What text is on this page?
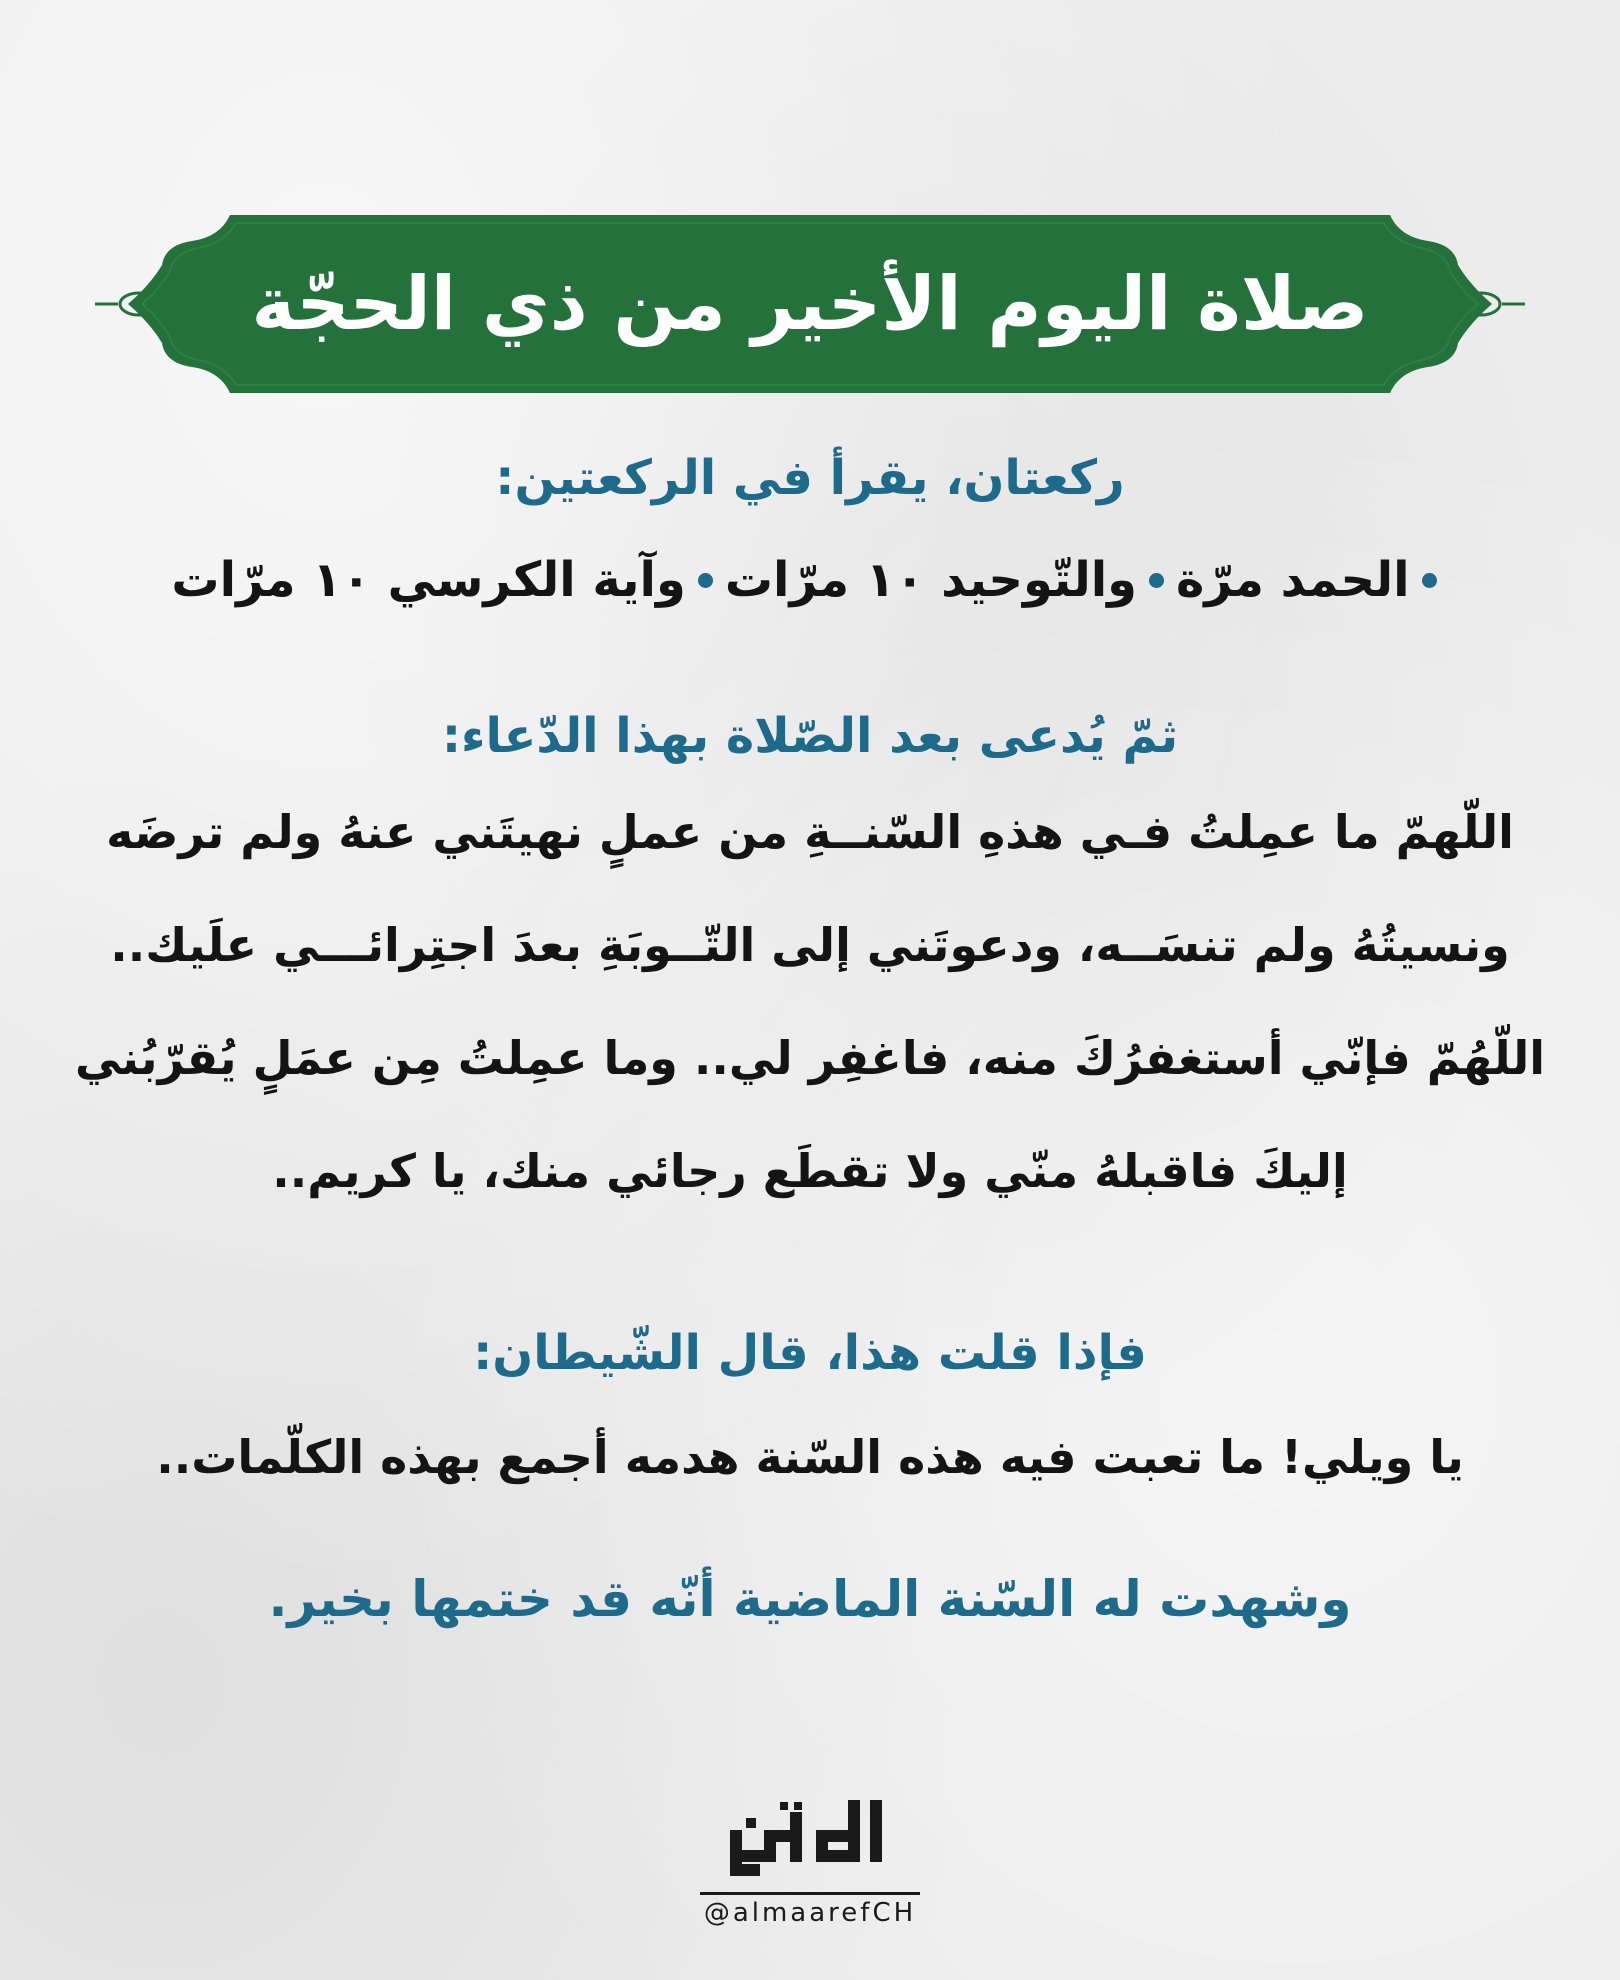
صلاة اليوم الأخير من ذي الحجّة
ركعتان، يقرأ في الركعتين:
الحمد مرّة
والتّوحيد ١٠ مرّات
وآية الكرسي ١٠ مرّات
ثمّ يُدعى بعد الصّلاة بهذا الدّعاء:
اللّهمّ ما عمِلتُ فـي هذهِ السّنــةِ من عملٍ نهيتَني عنهُ ولم ترضَه
ونسيتُهُ ولم تنسَــه، ودعوتَني إلى التّــوبَةِ بعدَ اجتِرائـــي علَيك..
اللّهُمّ فإنّي أستغفرُكَ منه، فاغفِر لي.. وما عمِلتُ مِن عمَلٍ يُقرّبُني
إليكَ فاقبلهُ منّي ولا تقطَع رجائي منك، يا كريم..
فإذا قلت هذا، قال الشّيطان:
يا ويلي! ما تعبت فيه هذه السّنة هدمه أجمع بهذه الكلّمات..
وشهدت له السّنة الماضية أنّه قد ختمها بخير.
@almaarefCH
